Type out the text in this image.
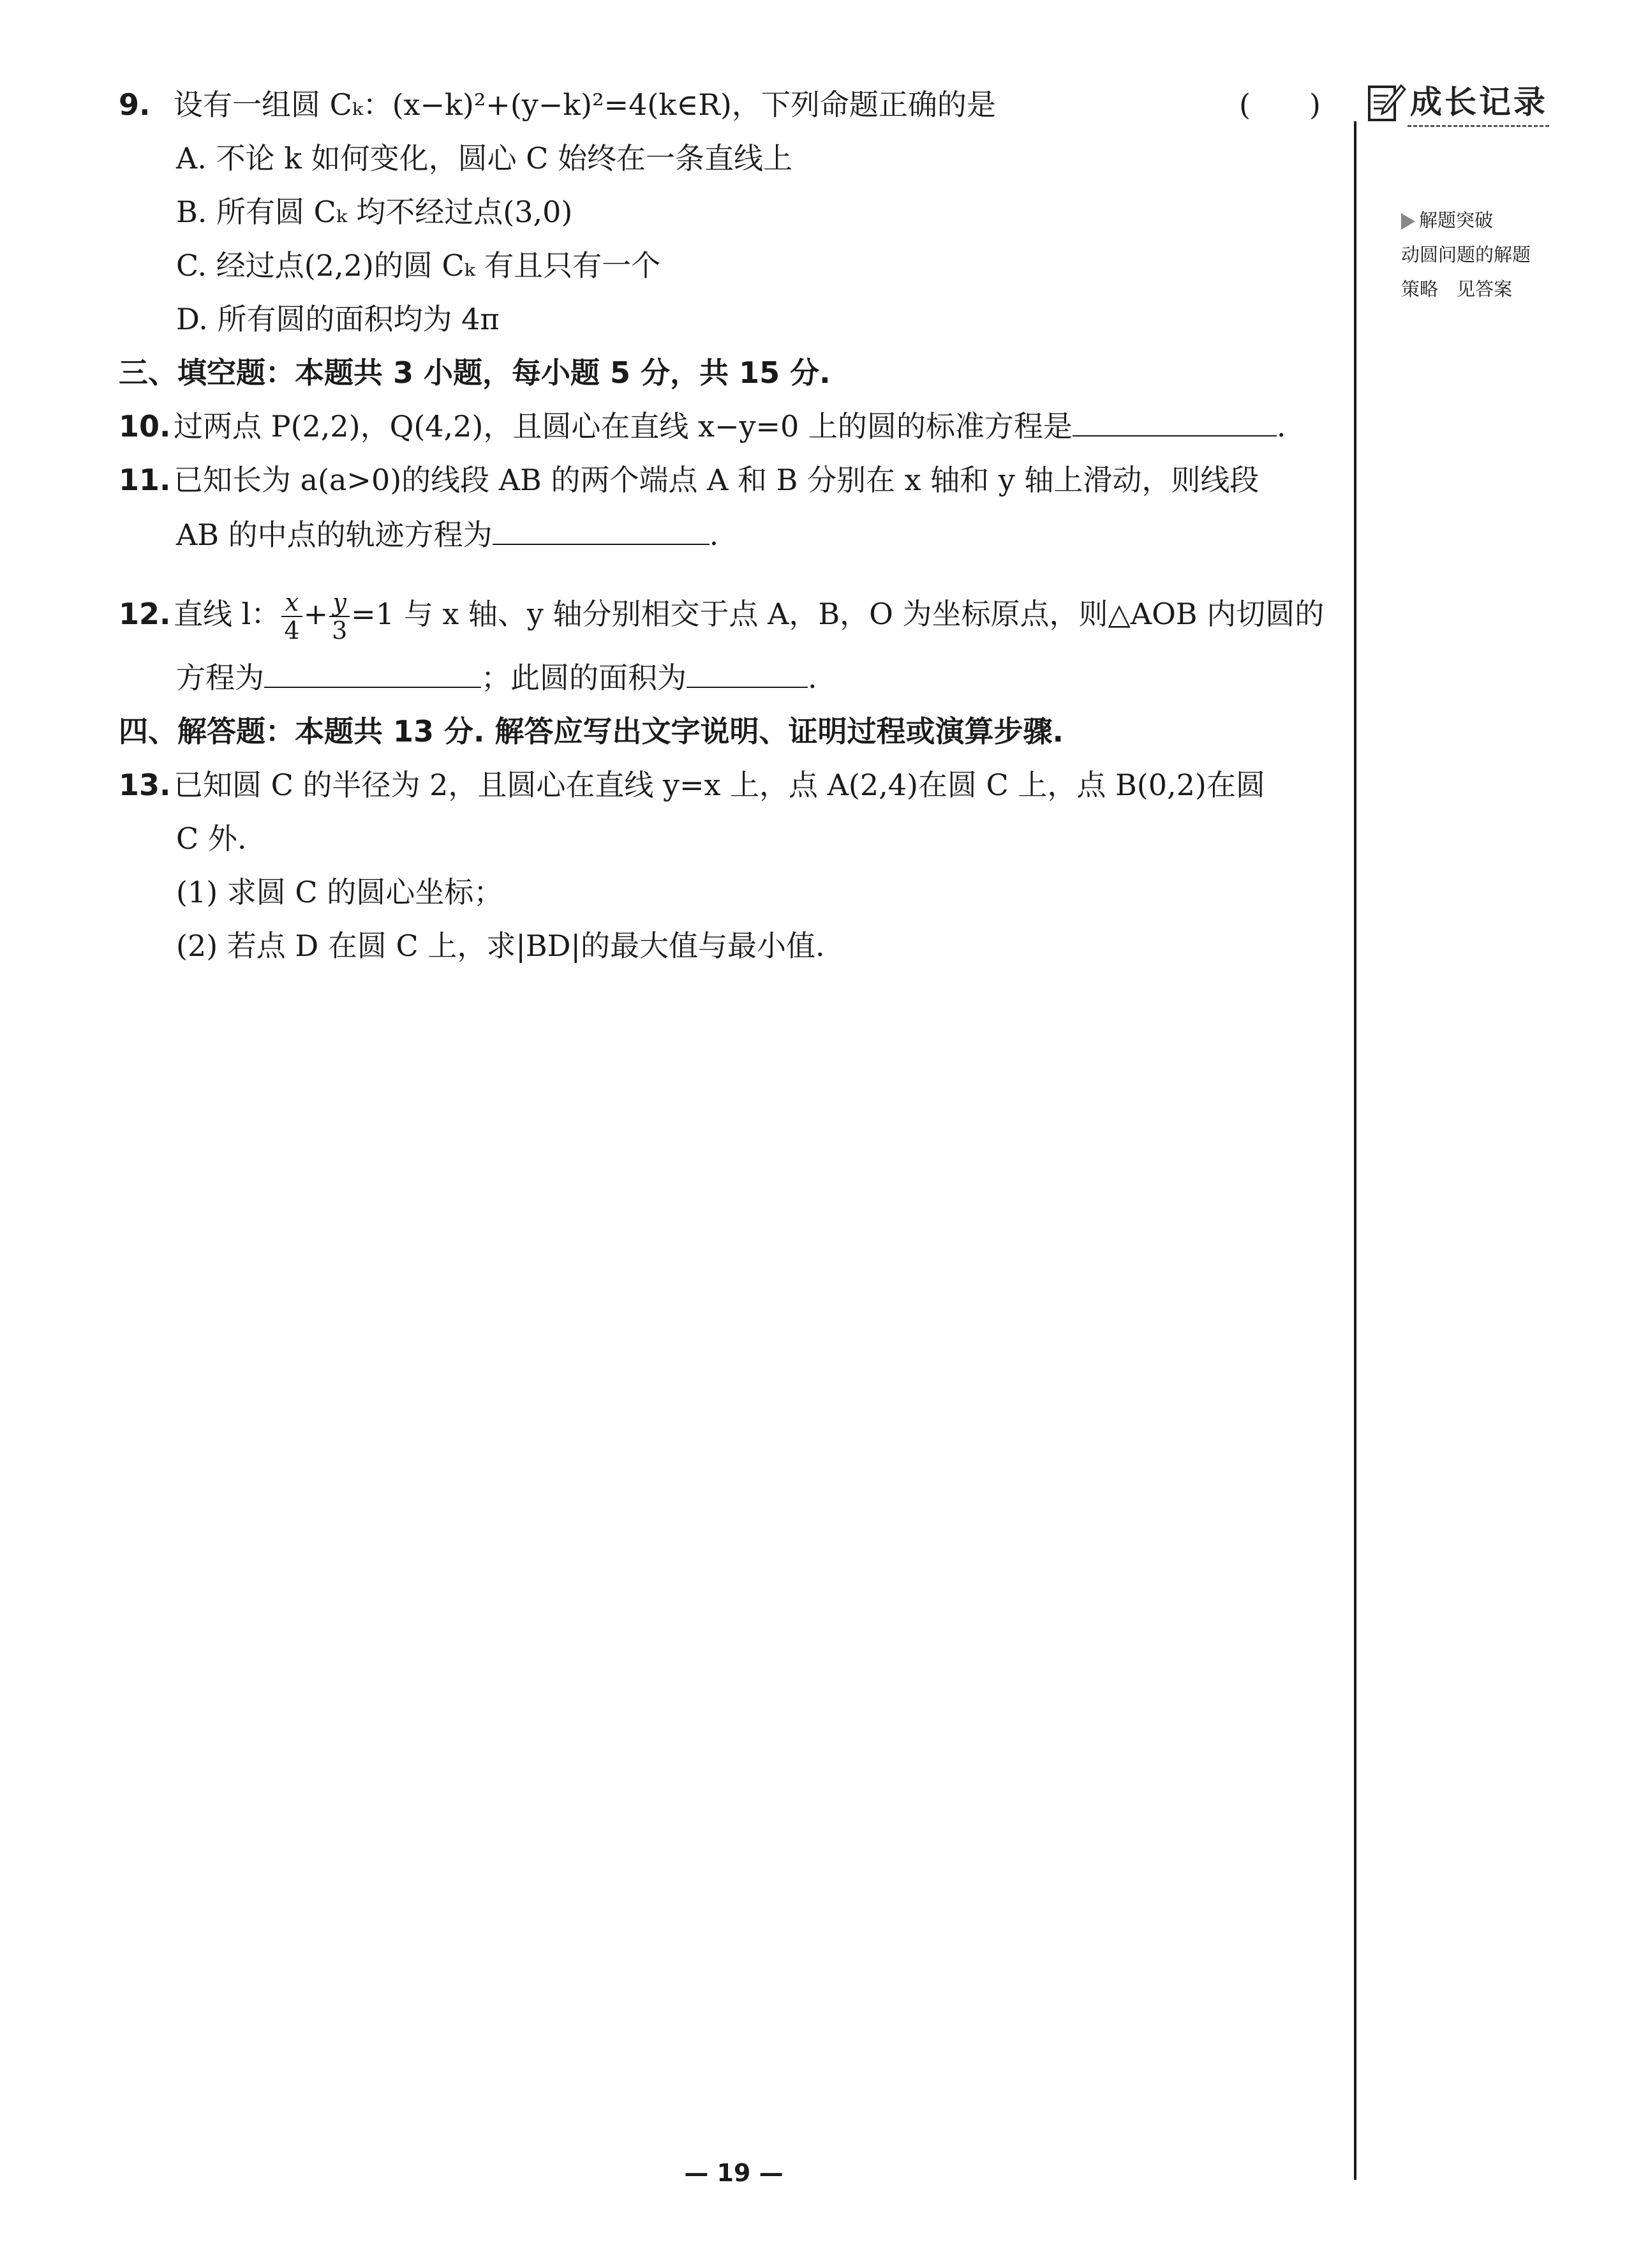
9. 设有一组圆 Cₖ：(x−k)²+(y−k)²=4(k∈R)，下列命题正确的是	(　　)
A. 不论 k 如何变化，圆心 C 始终在一条直线上
B. 所有圆 Cₖ 均不经过点(3,0)
C. 经过点(2,2)的圆 Cₖ 有且只有一个
D. 所有圆的面积均为 4π
三、填空题：本题共 3 小题，每小题 5 分，共 15 分.
10.过两点 P(2,2)，Q(4,2)，且圆心在直线 x−y=0 上的圆的标准方程是	.
11.已知长为 a(a>0)的线段 AB 的两个端点 A 和 B 分别在 x 轴和 y 轴上滑动，则线段
AB 的中点的轨迹方程为	.
12.直线 l： $\frac{x}{4} + \frac{y}{3} =1$ 与 x 轴、y 轴分别相交于点 A，B，O 为坐标原点，则△AOB 内切圆的
方程为	；此圆的面积为	.
四、解答题：本题共 13 分. 解答应写出文字说明、证明过程或演算步骤.
13.已知圆 C 的半径为 2，且圆心在直线 y=x 上，点 A(2,4)在圆 C 上，点 B(0,2)在圆
C 外.
(1) 求圆 C 的圆心坐标；
(2) 若点 D 在圆 C 上，求|BD|的最大值与最小值.
成长记录
解题突破
动圆问题的解题
策略　见答案
— 19 —
